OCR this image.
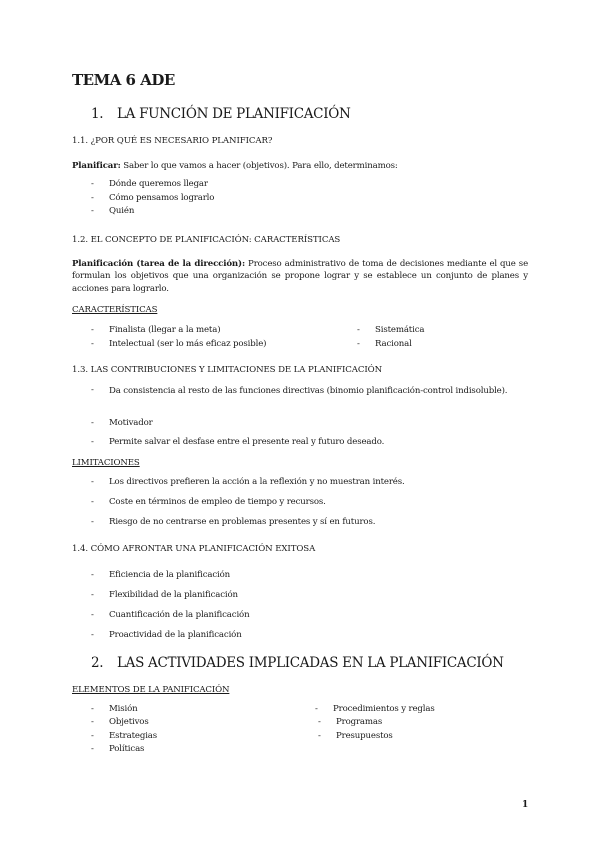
TEMA 6 ADE
1. LA FUNCIÓN DE PLANIFICACIÓN
1.1. ¿POR QUÉ ES NECESARIO PLANIFICAR?
Planificar: Saber lo que vamos a hacer (objetivos). Para ello, determinamos:
- Dónde queremos llegar
- Cómo pensamos lograrlo
- Quién
1.2. EL CONCEPTO DE PLANIFICACIÓN: CARACTERÍSTICAS
Planificación (tarea de la dirección): Proceso administrativo de toma de decisiones mediante el que se formulan los objetivos que una organización se propone lograr y se establece un conjunto de planes y acciones para lograrlo.
CARACTERÍSTICAS
- Finalista (llegar a la meta)
- Intelectual (ser lo más eficaz posible)
- Sistemática
- Racional
1.3. LAS CONTRIBUCIONES Y LIMITACIONES DE LA PLANIFICACIÓN
- Da consistencia al resto de las funciones directivas (binomio planificación-control indisoluble).
- Motivador
- Permite salvar el desfase entre el presente real y futuro deseado.
LIMITACIONES
- Los directivos prefieren la acción a la reflexión y no muestran interés.
- Coste en términos de empleo de tiempo y recursos.
- Riesgo de no centrarse en problemas presentes y sí en futuros.
1.4. CÓMO AFRONTAR UNA PLANIFICACIÓN EXITOSA
- Eficiencia de la planificación
- Flexibilidad de la planificación
- Cuantificación de la planificación
- Proactividad de la planificación
2. LAS ACTIVIDADES IMPLICADAS EN LA PLANIFICACIÓN
ELEMENTOS DE LA PANIFICACIÓN
- Misión
- Objetivos
- Estrategias
- Políticas
- Procedimientos y reglas
- Programas
- Presupuestos
1
